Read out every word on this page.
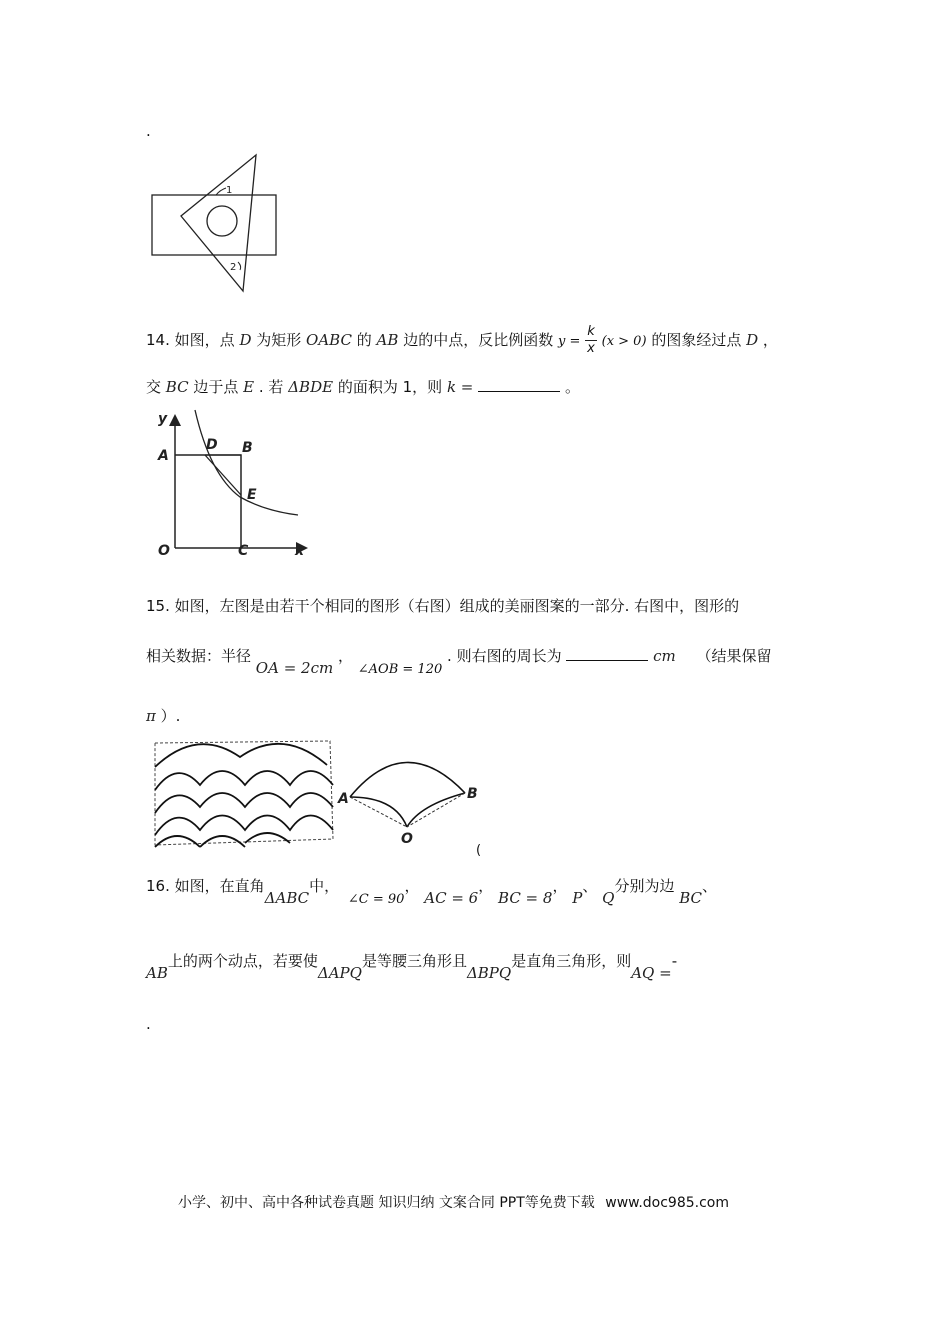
.
1
2
14. 如图，点 D 为矩形 OABC 的 AB 边的中点，反比例函数 $y = \frac{k}{x} (x > 0)$ 的图象经过点 D ，
交 BC 边于点 E . 若 ΔBDE 的面积为 1，则 k =	。
y
A
D B
E
O	C	x
15. 如图，左图是由若干个相同的图形（右图）组成的美丽图案的一部分. 右图中，图形的
相关数据：半径 OA = 2cm ， ∠AOB = 120 . 则右图的周长为	cm （结果保留
π ）.
A	B
O
(
16. 如图，在直角ΔABC中， ∠C = 90， AC = 6， BC = 8， P、 Q分别为边 BC、
AB上的两个动点，若要使ΔAPQ是等腰三角形且ΔBPQ是直角三角形，则AQ =-
.
小学、初中、高中各种试卷真题 知识归纳 文案合同 PPT等免费下载 www.doc985.com
